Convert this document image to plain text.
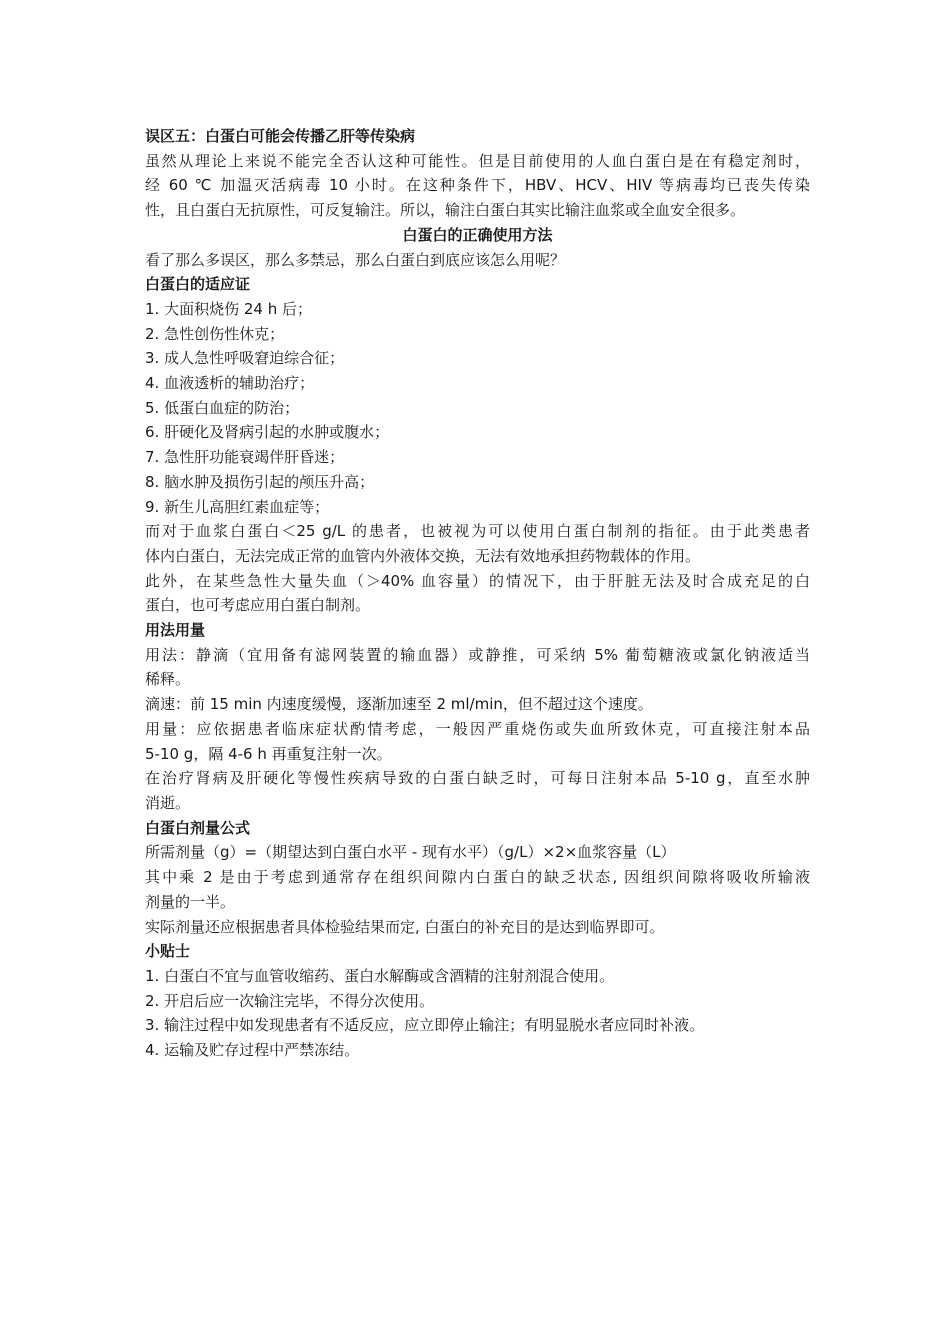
误区五：白蛋白可能会传播乙肝等传染病
虽然从理论上来说不能完全否认这种可能性。但是目前使用的人血白蛋白是在有稳定剂时，
经 60 ℃ 加温灭活病毒 10 小时。在这种条件下，HBV、HCV、HIV 等病毒均已丧失传染
性，且白蛋白无抗原性，可反复输注。所以，输注白蛋白其实比输注血浆或全血安全很多。
白蛋白的正确使用方法
看了那么多误区，那么多禁忌，那么白蛋白到底应该怎么用呢？
白蛋白的适应证
1. 大面积烧伤 24 h 后；
2. 急性创伤性休克；
3. 成人急性呼吸窘迫综合征；
4. 血液透析的辅助治疗；
5. 低蛋白血症的防治；
6. 肝硬化及肾病引起的水肿或腹水；
7. 急性肝功能衰竭伴肝昏迷；
8. 脑水肿及损伤引起的颅压升高；
9. 新生儿高胆红素血症等；
而对于血浆白蛋白＜25 g/L 的患者，也被视为可以使用白蛋白制剂的指征。由于此类患者
体内白蛋白，无法完成正常的血管内外液体交换，无法有效地承担药物载体的作用。
此外，在某些急性大量失血（＞40% 血容量）的情况下，由于肝脏无法及时合成充足的白
蛋白，也可考虑应用白蛋白制剂。
用法用量
用法：静滴（宜用备有滤网装置的输血器）或静推，可采纳 5% 葡萄糖液或氯化钠液适当
稀释。
滴速：前 15 min 内速度缓慢，逐渐加速至 2 ml/min，但不超过这个速度。
用量：应依据患者临床症状酌情考虑，一般因严重烧伤或失血所致休克，可直接注射本品
5-10 g，隔 4-6 h 再重复注射一次。
在治疗肾病及肝硬化等慢性疾病导致的白蛋白缺乏时，可每日注射本品 5-10 g，直至水肿
消逝。
白蛋白剂量公式
所需剂量（g）=（期望达到白蛋白水平 - 现有水平）（g/L）×2×血浆容量（L）
其中乘 2 是由于考虑到通常存在组织间隙内白蛋白的缺乏状态, 因组织间隙将吸收所输液
剂量的一半。
实际剂量还应根据患者具体检验结果而定, 白蛋白的补充目的是达到临界即可。
小贴士
1. 白蛋白不宜与血管收缩药、蛋白水解酶或含酒精的注射剂混合使用。
2. 开启后应一次输注完毕，不得分次使用。
3. 输注过程中如发现患者有不适反应，应立即停止输注；有明显脱水者应同时补液。
4. 运输及贮存过程中严禁冻结。
